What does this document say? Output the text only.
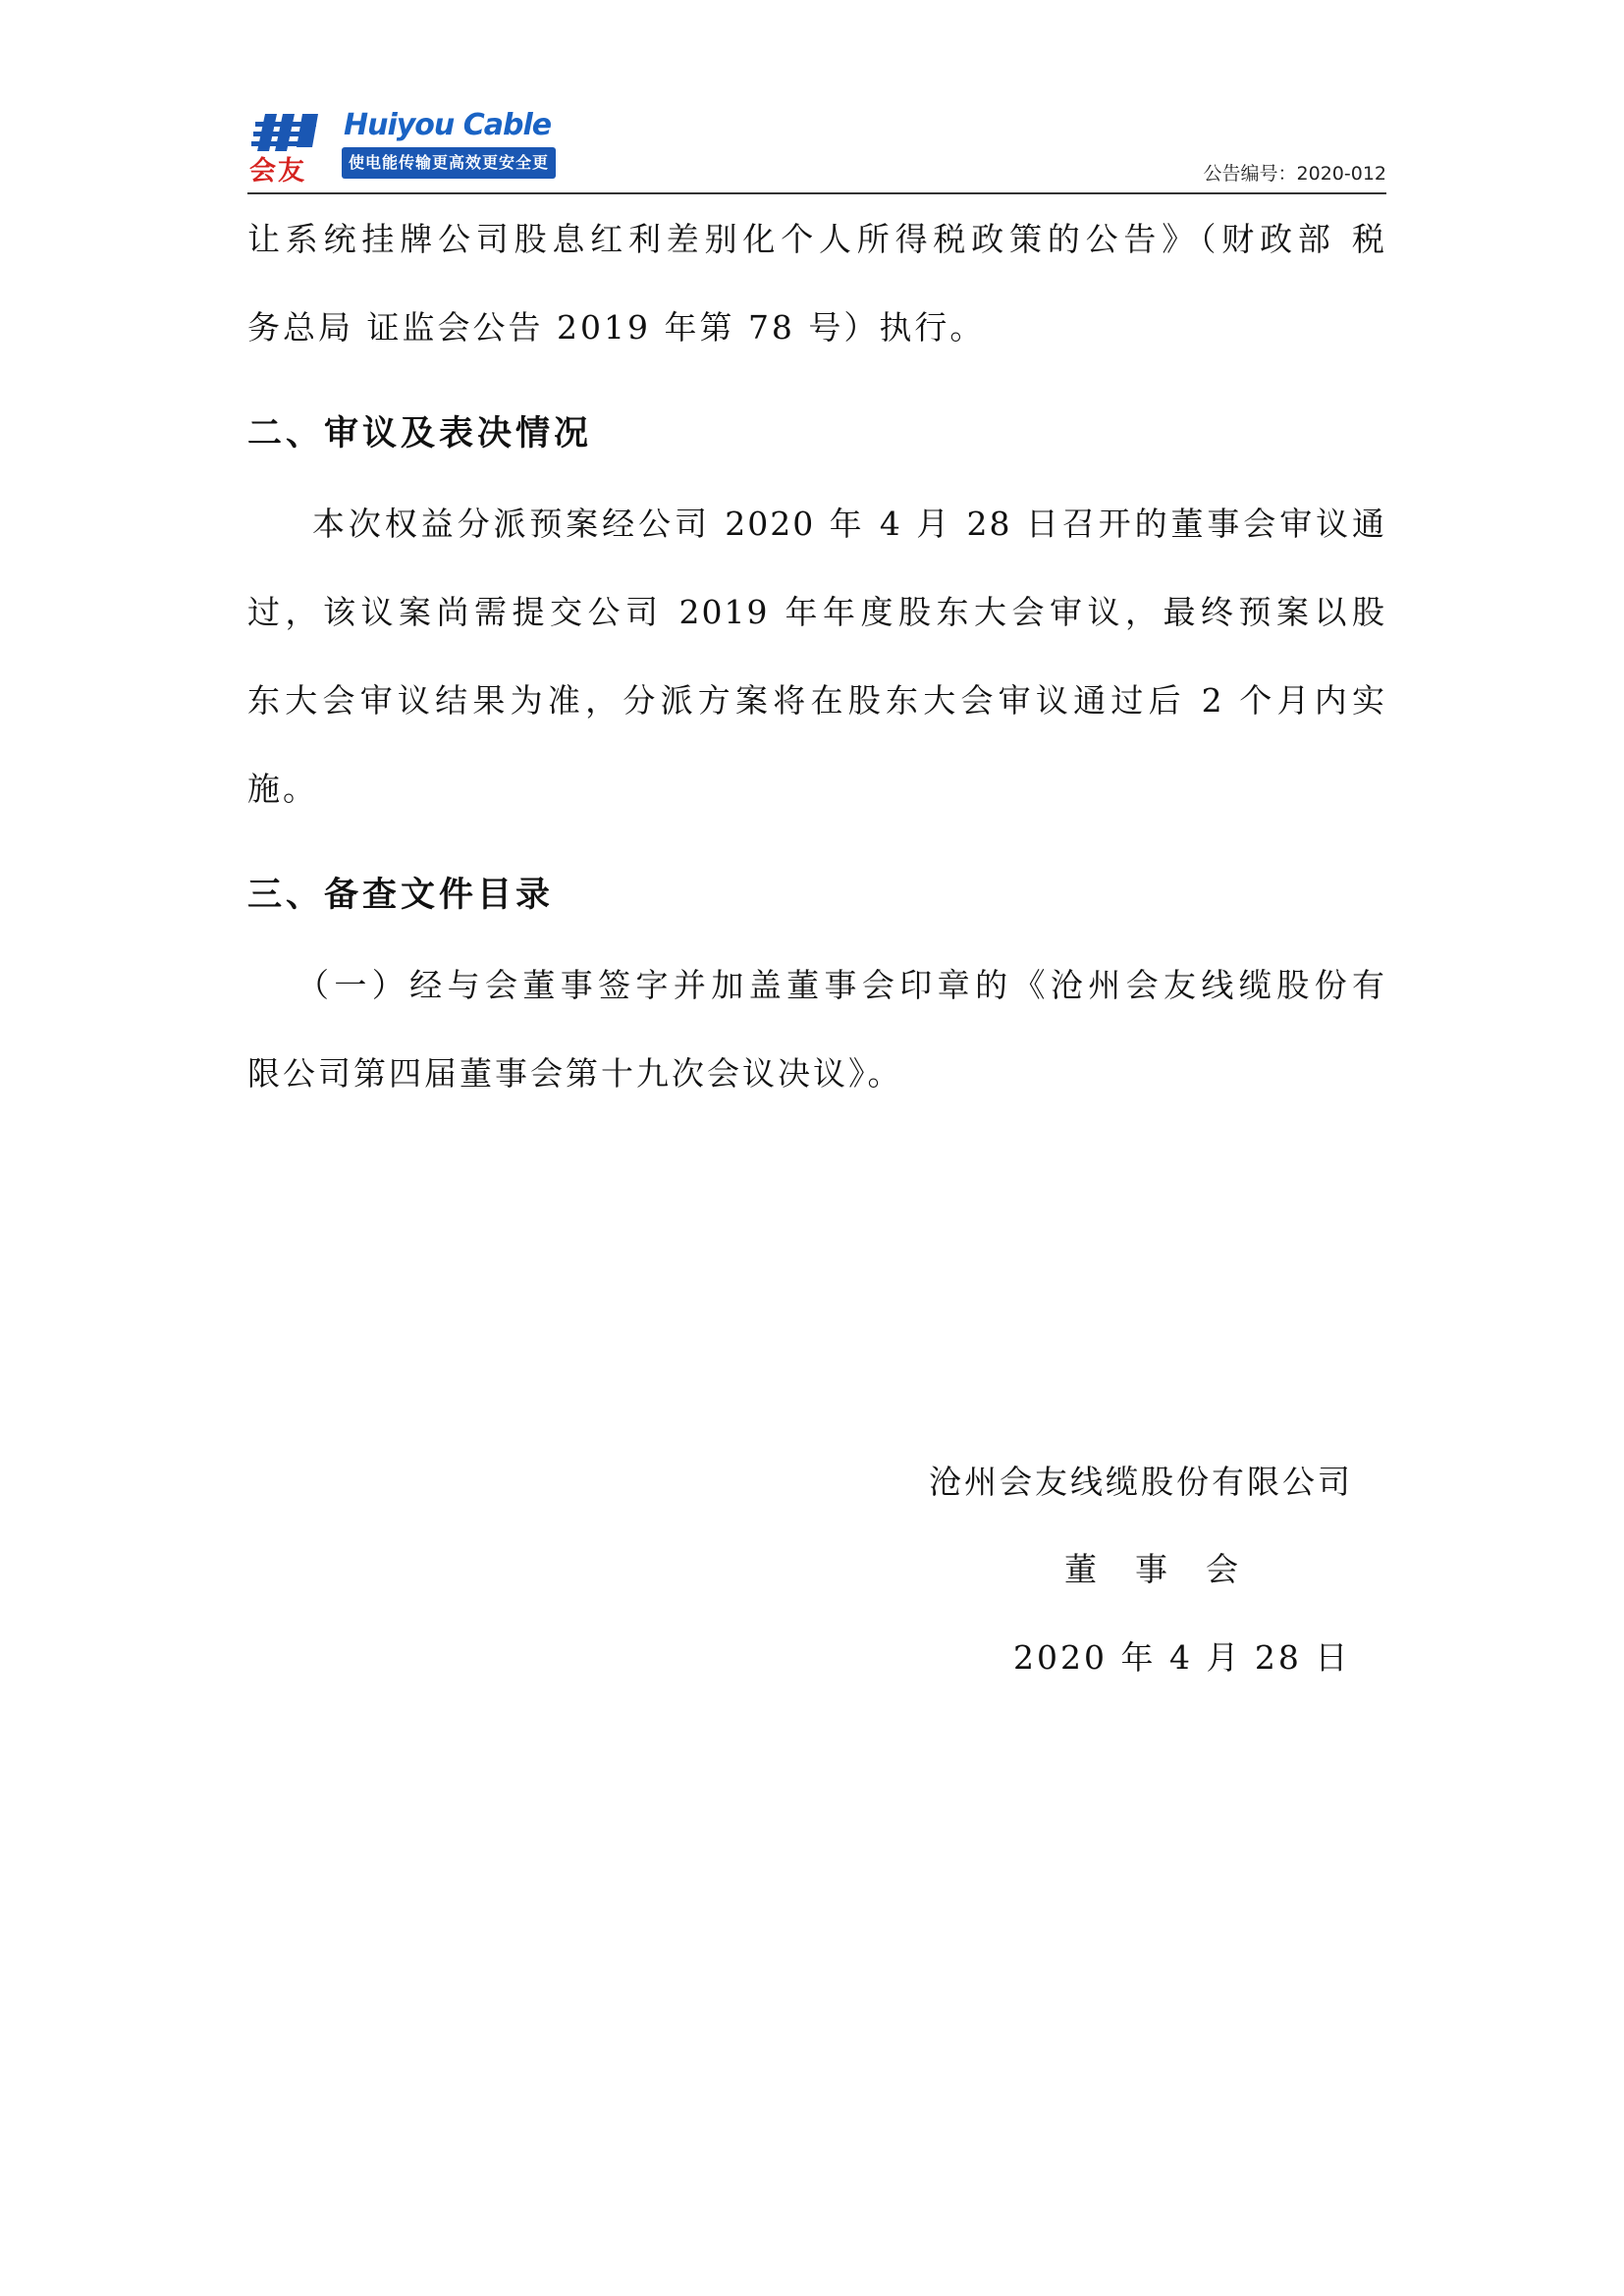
会友
Huiyou Cable
使电能传输更高效更安全更绿色
公告编号：2020-012
让系统挂牌公司股息红利差别化个人所得税政策的公告》（财政部 税
务总局 证监会公告 2019 年第 78 号）执行。
二、审议及表决情况
本次权益分派预案经公司 2020 年 4 月 28 日召开的董事会审议通
过，该议案尚需提交公司 2019 年年度股东大会审议，最终预案以股
东大会审议结果为准，分派方案将在股东大会审议通过后 2 个月内实
施。
三、备查文件目录
（一）经与会董事签字并加盖董事会印章的《沧州会友线缆股份有
限公司第四届董事会第十九次会议决议》。
沧州会友线缆股份有限公司
董　事　会
2020 年 4 月 28 日
